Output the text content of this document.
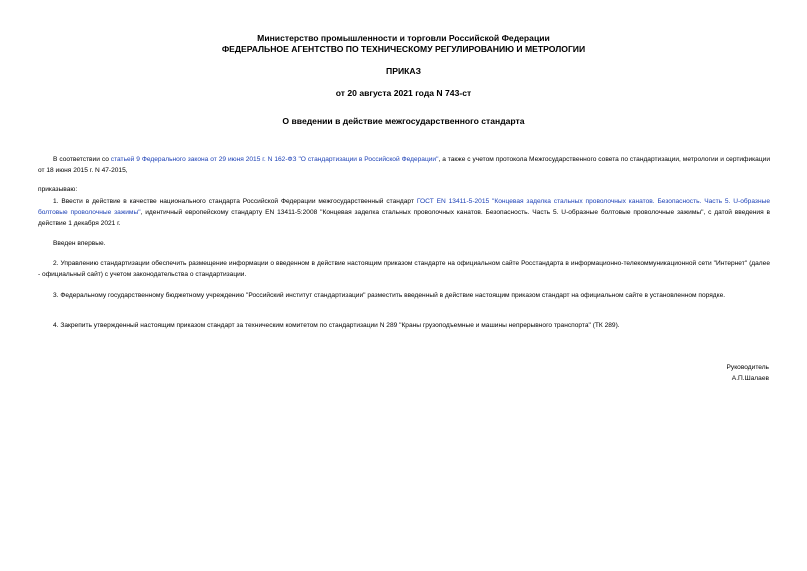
Министерство промышленности и торговли Российской Федерации
ФЕДЕРАЛЬНОЕ АГЕНТСТВО ПО ТЕХНИЧЕСКОМУ РЕГУЛИРОВАНИЮ И МЕТРОЛОГИИ
ПРИКАЗ
от 20 августа 2021 года N 743-ст
О введении в действие межгосударственного стандарта
В соответствии со статьей 9 Федерального закона от 29 июня 2015 г. N 162-ФЗ "О стандартизации в Российской Федерации", а также с учетом протокола Межгосударственного совета по стандартизации, метрологии и сертификации от 18 июня 2015 г. N 47-2015,
приказываю:
1. Ввести в действие в качестве национального стандарта Российской Федерации межгосударственный стандарт ГОСТ EN 13411-5-2015 "Концевая заделка стальных проволочных канатов. Безопасность. Часть 5. U-образные болтовые проволочные зажимы", идентичный европейскому стандарту EN 13411-5:2008 "Концевая заделка стальных проволочных канатов. Безопасность. Часть 5. U-образные болтовые проволочные зажимы", с датой введения в действие 1 декабря 2021 г.
Введен впервые.
2. Управлению стандартизации обеспечить размещение информации о введенном в действие настоящим приказом стандарте на официальном сайте Росстандарта в информационно-телекоммуникационной сети "Интернет" (далее - официальный сайт) с учетом законодательства о стандартизации.
3. Федеральному государственному бюджетному учреждению "Российский институт стандартизации" разместить введенный в действие настоящим приказом стандарт на официальном сайте в установленном порядке.
4. Закрепить утвержденный настоящим приказом стандарт за техническим комитетом по стандартизации N 289 "Краны грузоподъемные и машины непрерывного транспорта" (ТК 289).
Руководитель
А.П.Шалаев
